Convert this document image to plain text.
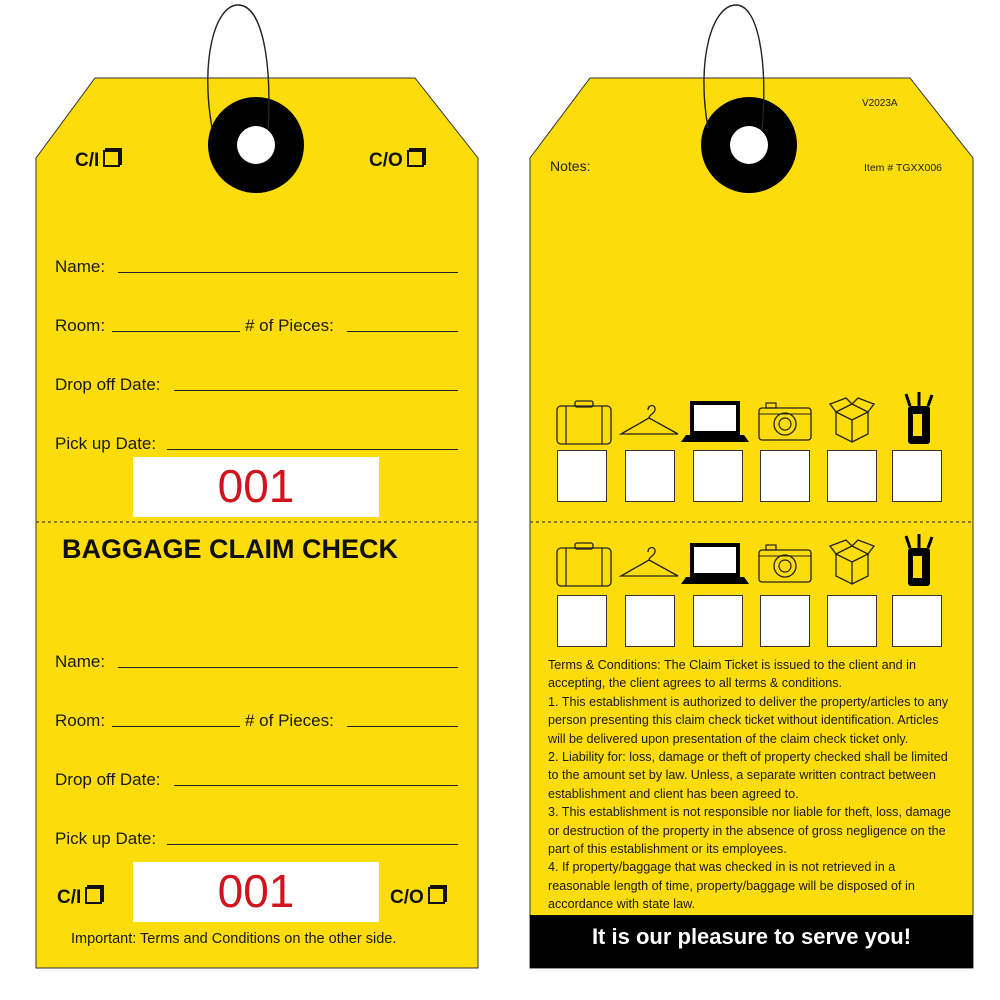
C/I	C/O
Name:
Room:	# of Pieces:
Drop off Date:
Pick up Date:
001
BAGGAGE CLAIM CHECK
Name:
Room:	# of Pieces:
Drop off Date:
Pick up Date:
C/I	001	C/O
Important: Terms and Conditions on the other side.
V2023A
Notes:	Item # TGXX006

Terms & Conditions: The Claim Ticket is issued to the client and in accepting, the client agrees to all terms & conditions.

1. This establishment is authorized to deliver the property/articles to any person presenting this claim check ticket without identification. Articles will be delivered upon presentation of the claim check ticket only.

2. Liability for: loss, damage or theft of property checked shall be limited to the amount set by law. Unless, a separate written contract between establishment and client has been agreed to.

3. This establishment is not responsible nor liable for theft, loss, damage or destruction of the property in the absence of gross negligence on the part of this establishment or its employees.

4. If property/baggage that was checked in is not retrieved in a reasonable length of time, property/baggage will be disposed of in accordance with state law.

It is our pleasure to serve you!
